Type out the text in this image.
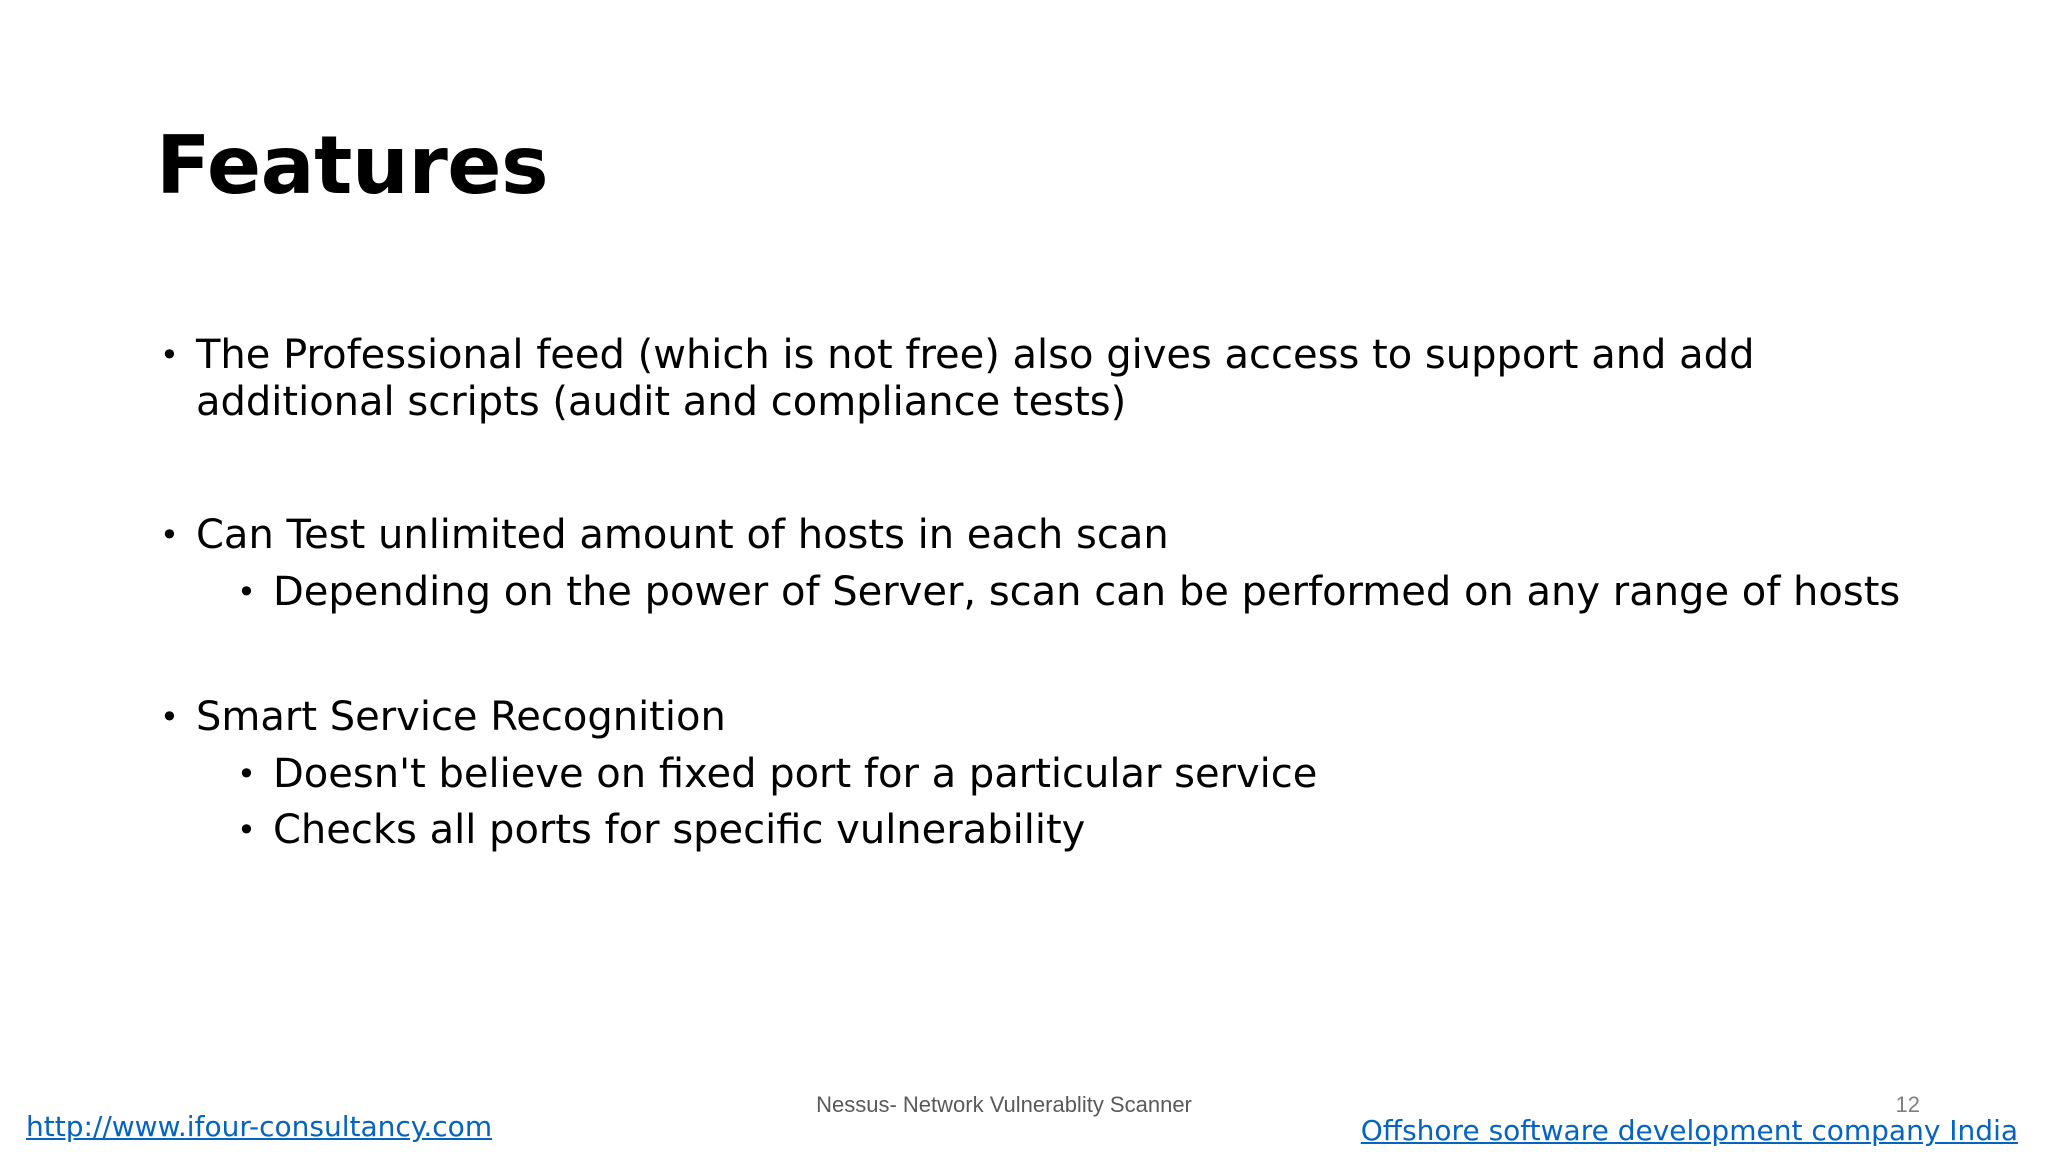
Features
• The Professional feed (which is not free) also gives access to support and add additional scripts (audit and compliance tests)
• Can Test unlimited amount of hosts in each scan
• Depending on the power of Server, scan can be performed on any range of hosts
• Smart Service Recognition
• Doesn't believe on fixed port for a particular service
• Checks all ports for specific vulnerability
Nessus- Network Vulnerablity Scanner	12
http://www.ifour-consultancy.com	Offshore software development company India
